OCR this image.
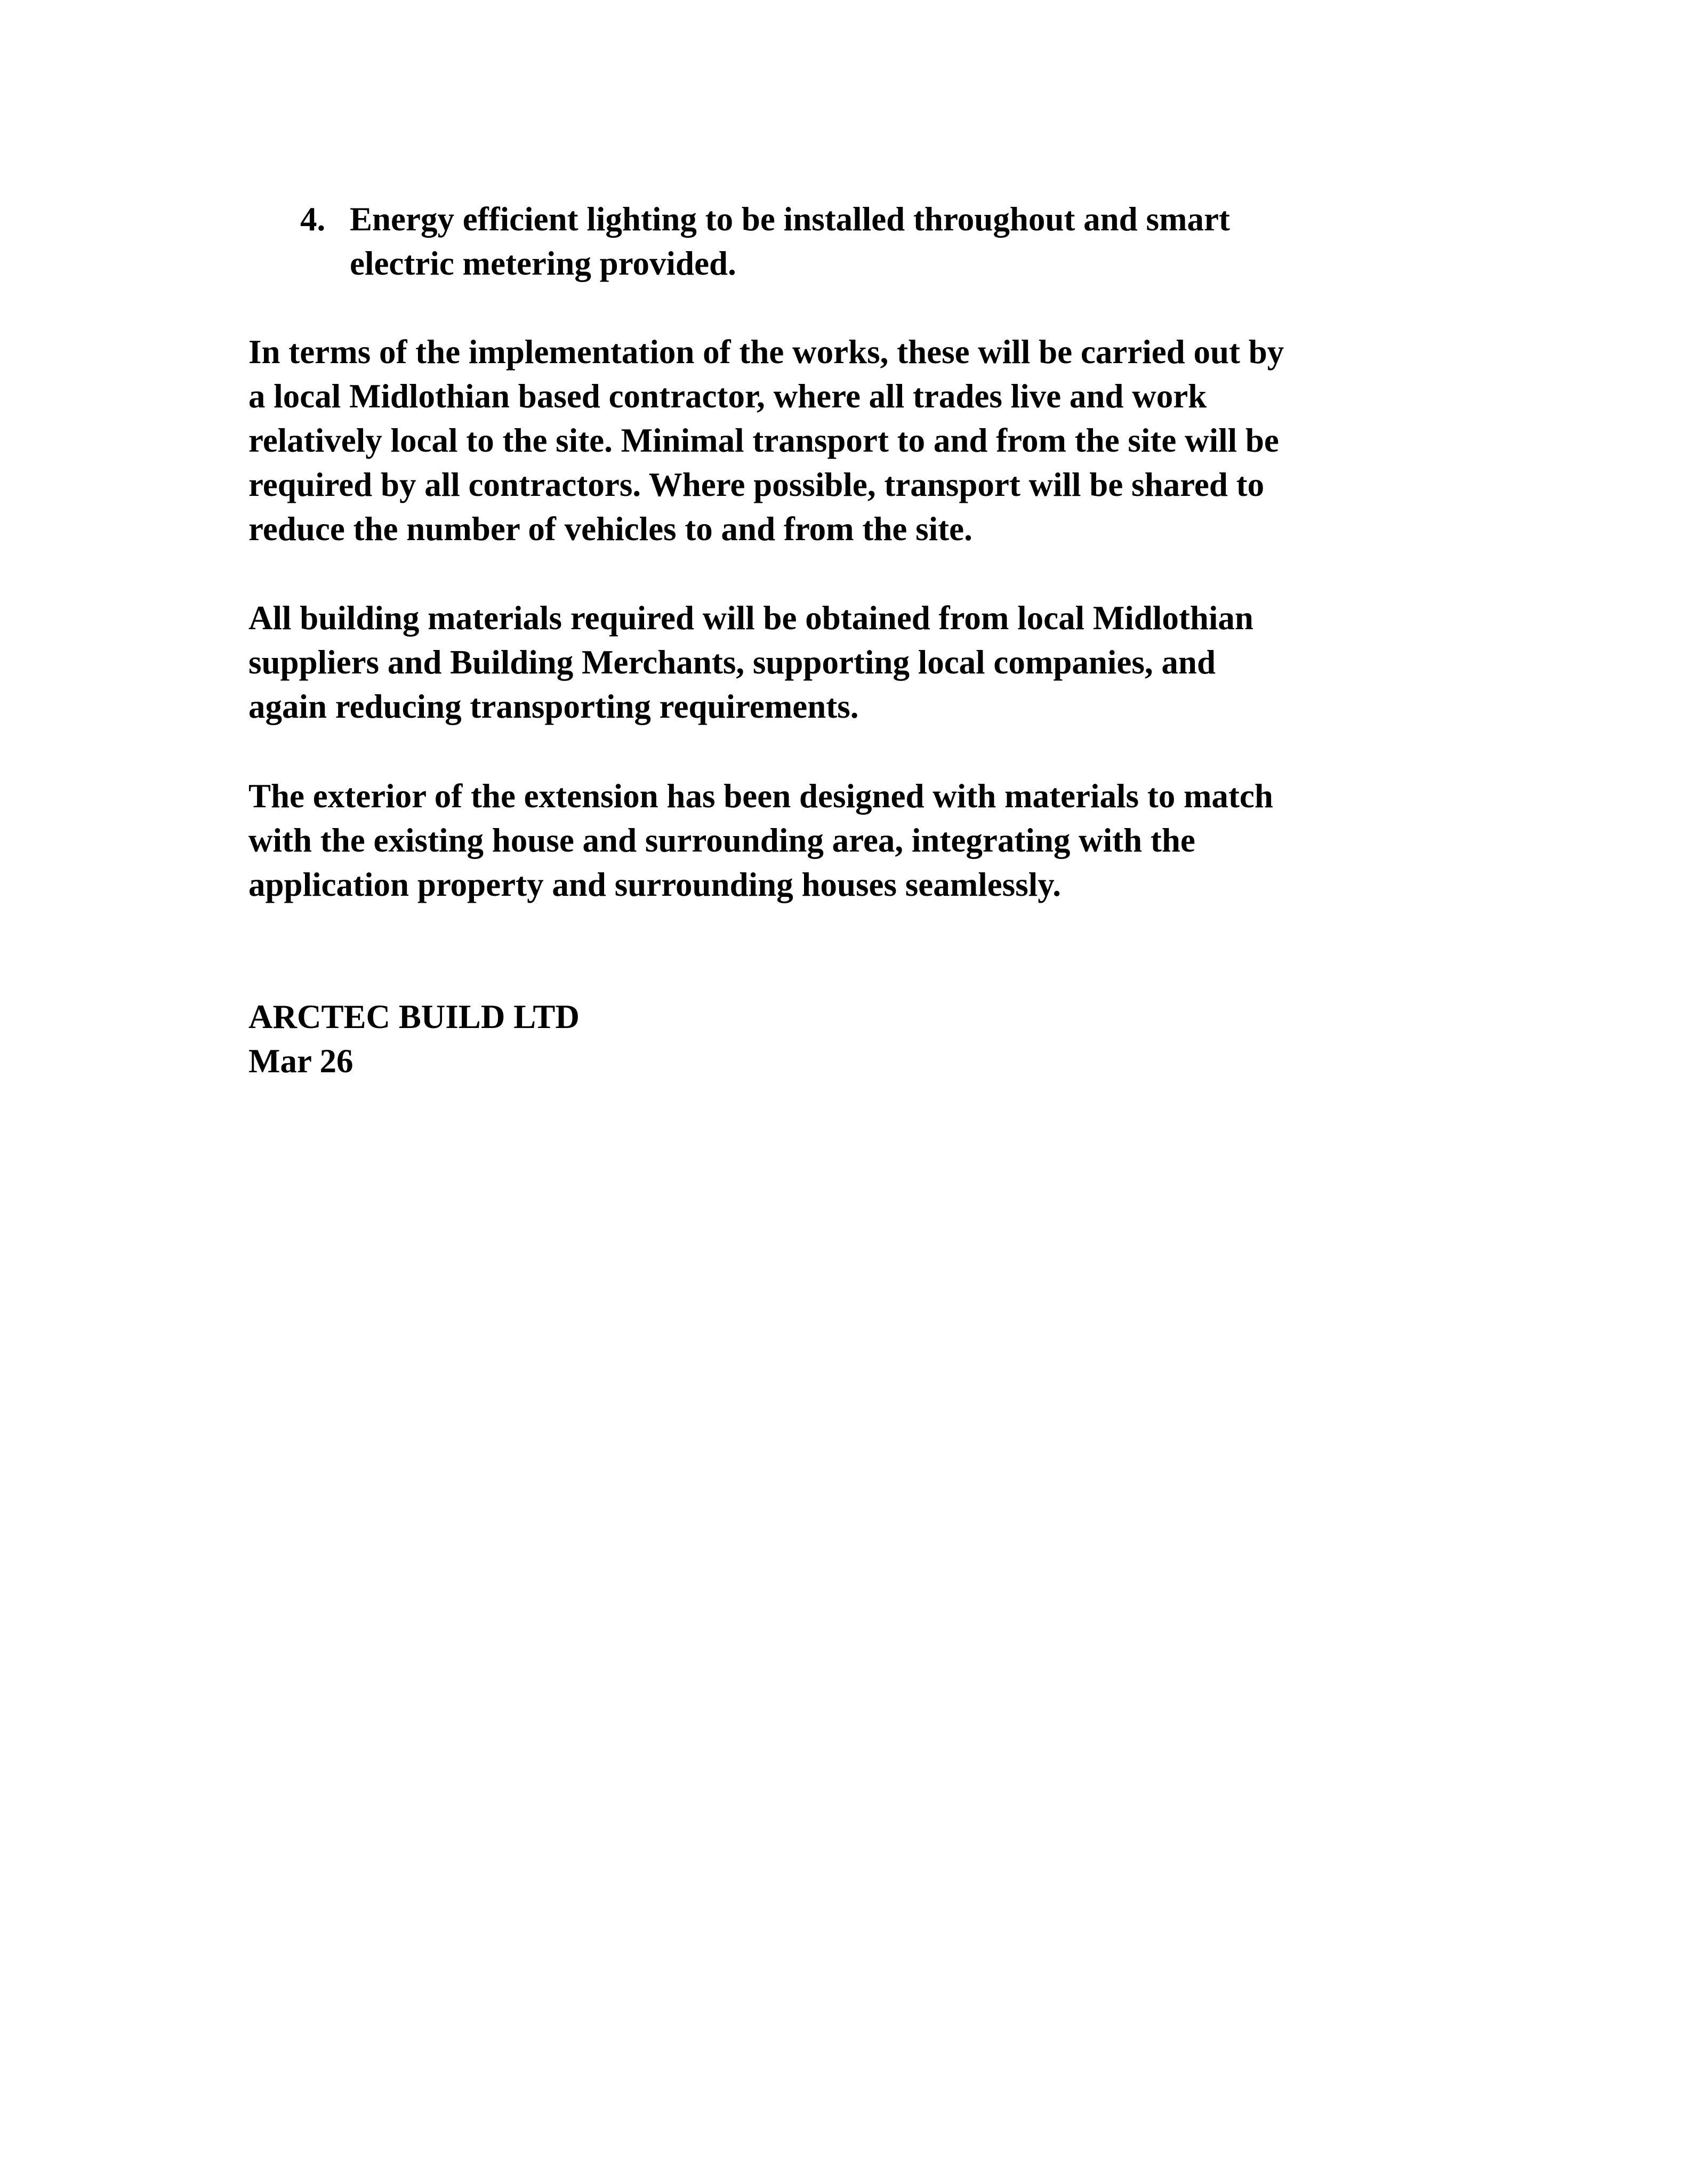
4. Energy efficient lighting to be installed throughout and smart
electric metering provided.
In terms of the implementation of the works, these will be carried out by
a local Midlothian based contractor, where all trades live and work
relatively local to the site. Minimal transport to and from the site will be
required by all contractors. Where possible, transport will be shared to
reduce the number of vehicles to and from the site.
All building materials required will be obtained from local Midlothian
suppliers and Building Merchants, supporting local companies, and
again reducing transporting requirements.
The exterior of the extension has been designed with materials to match
with the existing house and surrounding area, integrating with the
application property and surrounding houses seamlessly.
ARCTEC BUILD LTD
Mar 26
